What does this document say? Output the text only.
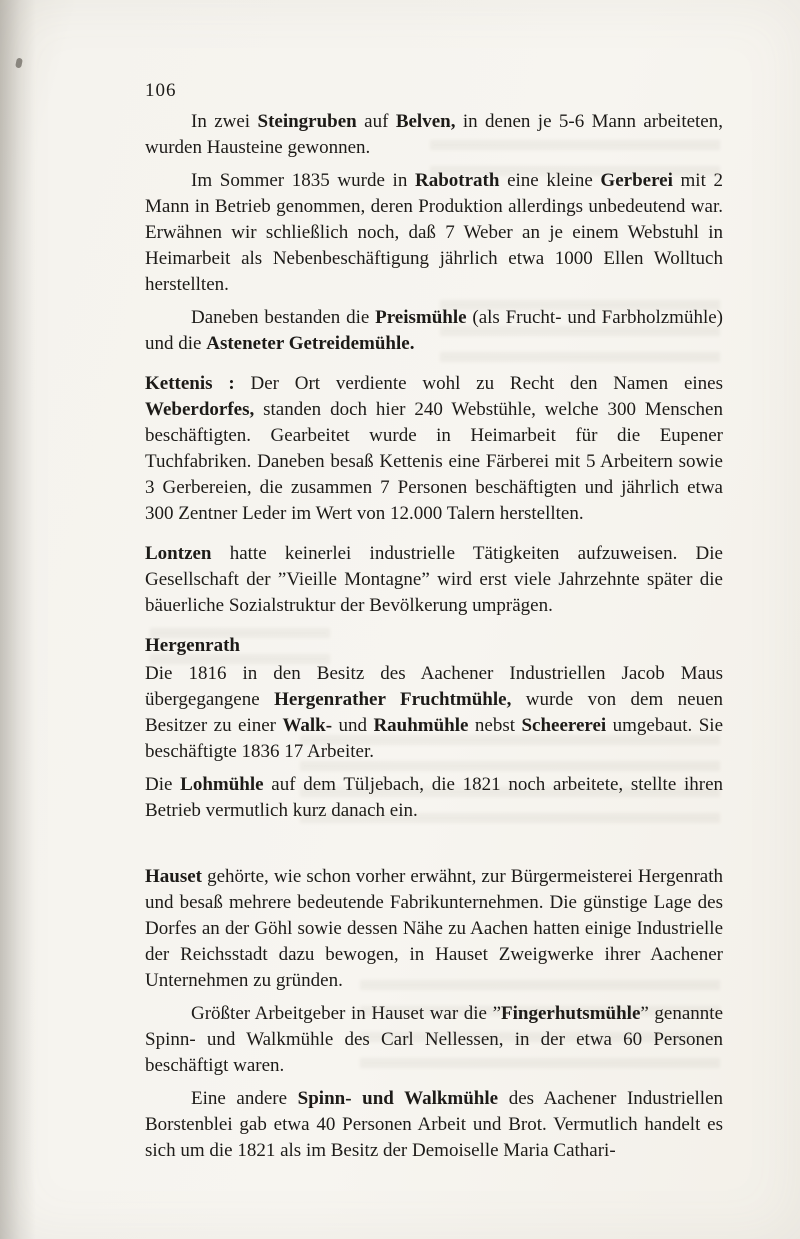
106

In zwei Steingruben auf Belven, in denen je 5-6 Mann arbeiteten, wurden Hausteine gewonnen.

Im Sommer 1835 wurde in Rabotrath eine kleine Gerberei mit 2 Mann in Betrieb genommen, deren Produktion allerdings unbedeutend war. Erwähnen wir schließlich noch, daß 7 Weber an je einem Webstuhl in Heimarbeit als Nebenbeschäftigung jährlich etwa 1000 Ellen Wolltuch herstellten.

Daneben bestanden die Preismühle (als Frucht- und Farbholzmühle) und die Asteneter Getreidemühle.

Kettenis : Der Ort verdiente wohl zu Recht den Namen eines Weberdorfes, standen doch hier 240 Webstühle, welche 300 Menschen beschäftigten. Gearbeitet wurde in Heimarbeit für die Eupener Tuchfabriken. Daneben besaß Kettenis eine Färberei mit 5 Arbeitern sowie 3 Gerbereien, die zusammen 7 Personen beschäftigten und jährlich etwa 300 Zentner Leder im Wert von 12.000 Talern herstellten.

Lontzen hatte keinerlei industrielle Tätigkeiten aufzuweisen. Die Gesellschaft der ”Vieille Montagne” wird erst viele Jahrzehnte später die bäuerliche Sozialstruktur der Bevölkerung umprägen.

Hergenrath

Die 1816 in den Besitz des Aachener Industriellen Jacob Maus übergegangene Hergenrather Fruchtmühle, wurde von dem neuen Besitzer zu einer Walk- und Rauhmühle nebst Scheererei umgebaut. Sie beschäftigte 1836 17 Arbeiter.

Die Lohmühle auf dem Tüljebach, die 1821 noch arbeitete, stellte ihren Betrieb vermutlich kurz danach ein.

Hauset gehörte, wie schon vorher erwähnt, zur Bürgermeisterei Hergenrath und besaß mehrere bedeutende Fabrikunternehmen. Die günstige Lage des Dorfes an der Göhl sowie dessen Nähe zu Aachen hatten einige Industrielle der Reichsstadt dazu bewogen, in Hauset Zweigwerke ihrer Aachener Unternehmen zu gründen.

Größter Arbeitgeber in Hauset war die ”Fingerhutsmühle” genannte Spinn- und Walkmühle des Carl Nellessen, in der etwa 60 Personen beschäftigt waren.

Eine andere Spinn- und Walkmühle des Aachener Industriellen Borstenblei gab etwa 40 Personen Arbeit und Brot. Vermutlich handelt es sich um die 1821 als im Besitz der Demoiselle Maria Cathari-
